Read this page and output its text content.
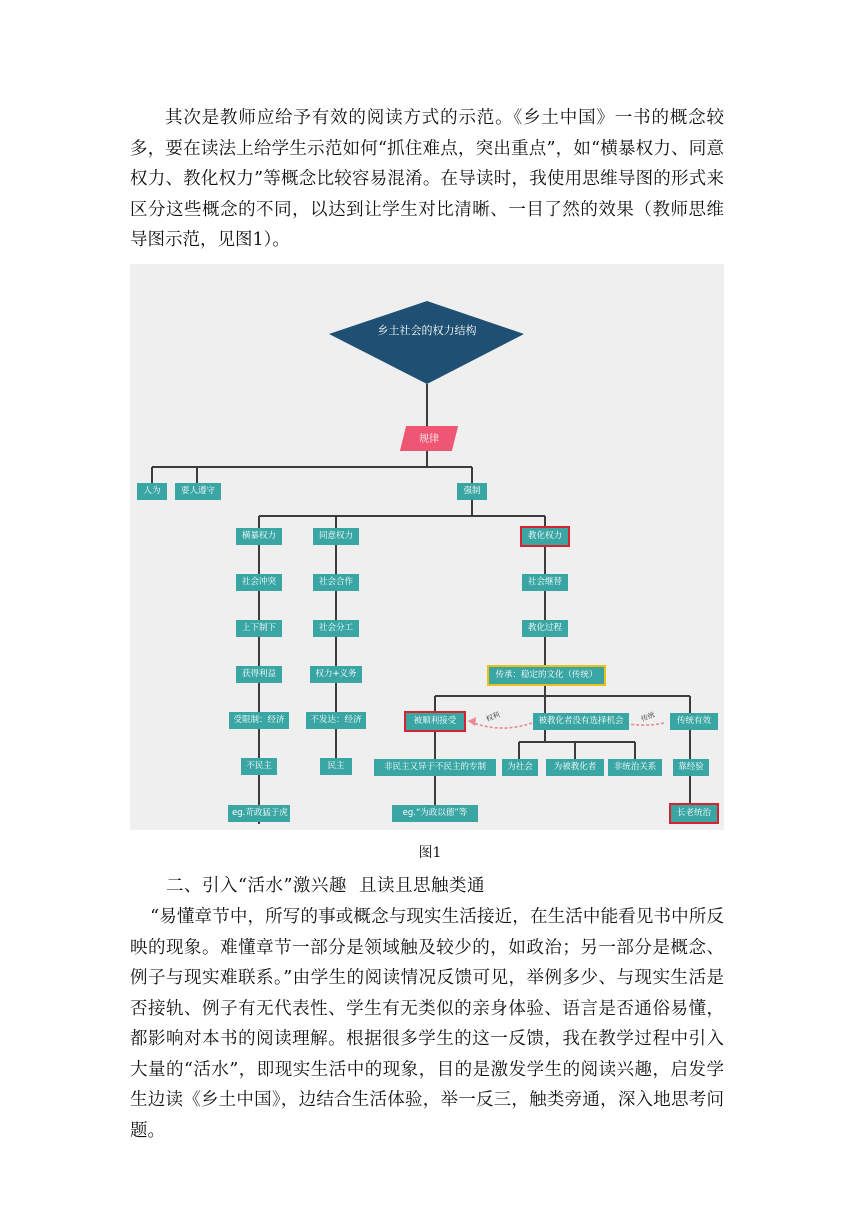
其次是教师应给予有效的阅读方式的示范。《乡土中国》一书的概念较多，要在读法上给学生示范如何“抓住难点，突出重点”，如“横暴权力、同意权力、教化权力”等概念比较容易混淆。在导读时，我使用思维导图的形式来区分这些概念的不同，以达到让学生对比清晰、一目了然的效果（教师思维导图示范，见图1）。

乡土社会的权力结构
规律
人为	要人遵守	强制
横暴权力
社会冲突
上下制下
获得利益
受限制：经济
不民主
eg.苛政猛于虎
同意权力
社会合作
社会分工
权力+义务
不发达：经济
民主
教化权力
社会继替
教化过程
传承：稳定的文化（传统）
被顺利接受	被教化者没有选择机会	传统有效
非民主又异于不民主的专制
eg.“为政以德”等
为社会	为被教化者	非统治关系	靠经验
长老统治
权利	传统

图1

二、引入“活水”激兴趣  且读且思触类通

“易懂章节中，所写的事或概念与现实生活接近，在生活中能看见书中所反映的现象。难懂章节一部分是领域触及较少的，如政治；另一部分是概念、例子与现实难联系。”由学生的阅读情况反馈可见，举例多少、与现实生活是否接轨、例子有无代表性、学生有无类似的亲身体验、语言是否通俗易懂，都影响对本书的阅读理解。根据很多学生的这一反馈，我在教学过程中引入大量的“活水”，即现实生活中的现象，目的是激发学生的阅读兴趣，启发学生边读《乡土中国》，边结合生活体验，举一反三，触类旁通，深入地思考问题。
